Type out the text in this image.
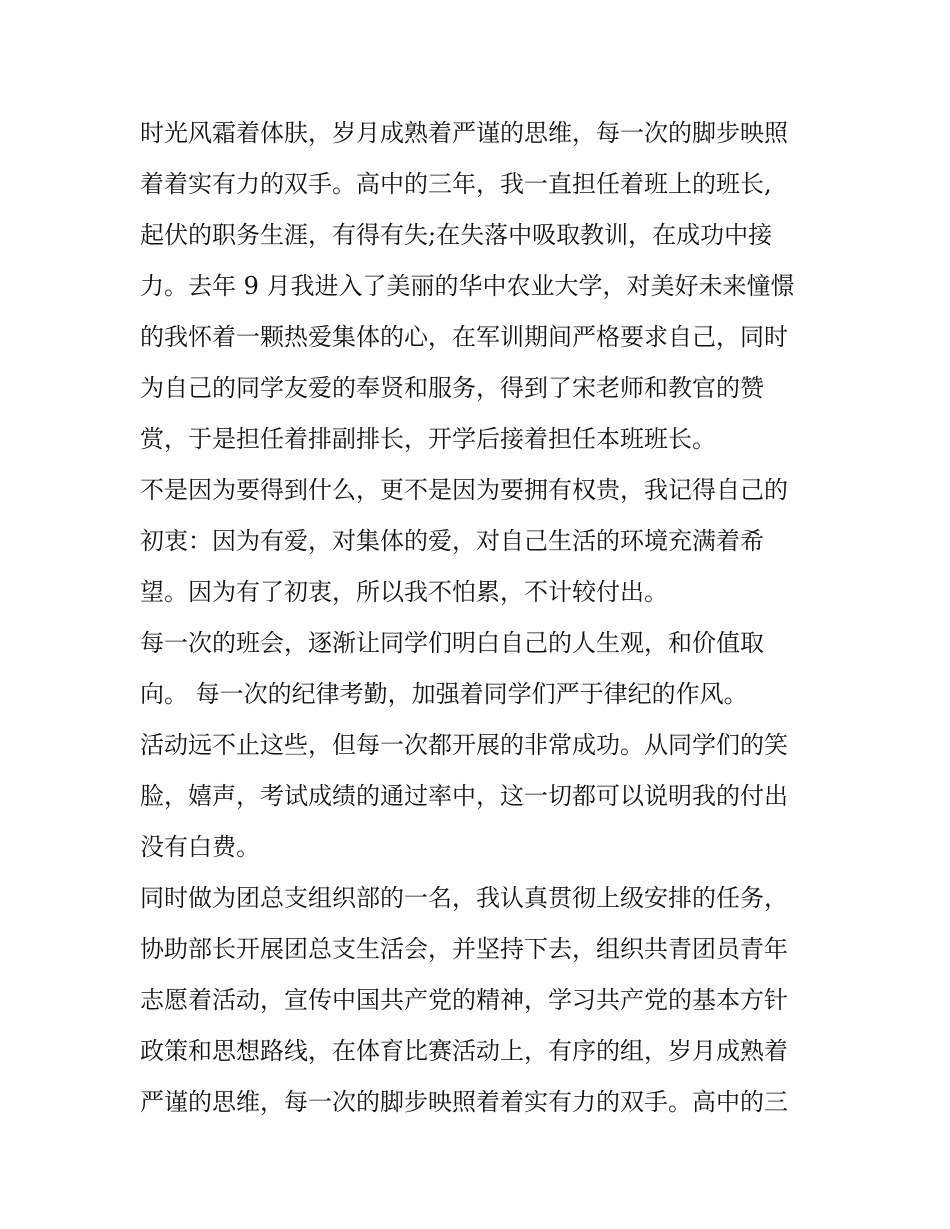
时光风霜着体肤，岁月成熟着严谨的思维，每一次的脚步映照
着着实有力的双手。高中的三年，我一直担任着班上的班长,
起伏的职务生涯，有得有失;在失落中吸取教训，在成功中接
力。去年 9 月我进入了美丽的华中农业大学，对美好未来憧憬
的我怀着一颗热爱集体的心，在军训期间严格要求自己，同时
为自己的同学友爱的奉贤和服务，得到了宋老师和教官的赞
赏，于是担任着排副排长，开学后接着担任本班班长。
不是因为要得到什么，更不是因为要拥有权贵，我记得自己的
初衷：因为有爱，对集体的爱，对自己生活的环境充满着希
望。因为有了初衷，所以我不怕累，不计较付出。
每一次的班会，逐渐让同学们明白自己的人生观，和价值取
向。 每一次的纪律考勤，加强着同学们严于律纪的作风。
活动远不止这些，但每一次都开展的非常成功。从同学们的笑
脸，嬉声，考试成绩的通过率中，这一切都可以说明我的付出
没有白费。
同时做为团总支组织部的一名，我认真贯彻上级安排的任务，
协助部长开展团总支生活会，并坚持下去，组织共青团员青年
志愿着活动，宣传中国共产党的精神，学习共产党的基本方针
政策和思想路线，在体育比赛活动上，有序的组，岁月成熟着
严谨的思维，每一次的脚步映照着着实有力的双手。高中的三
